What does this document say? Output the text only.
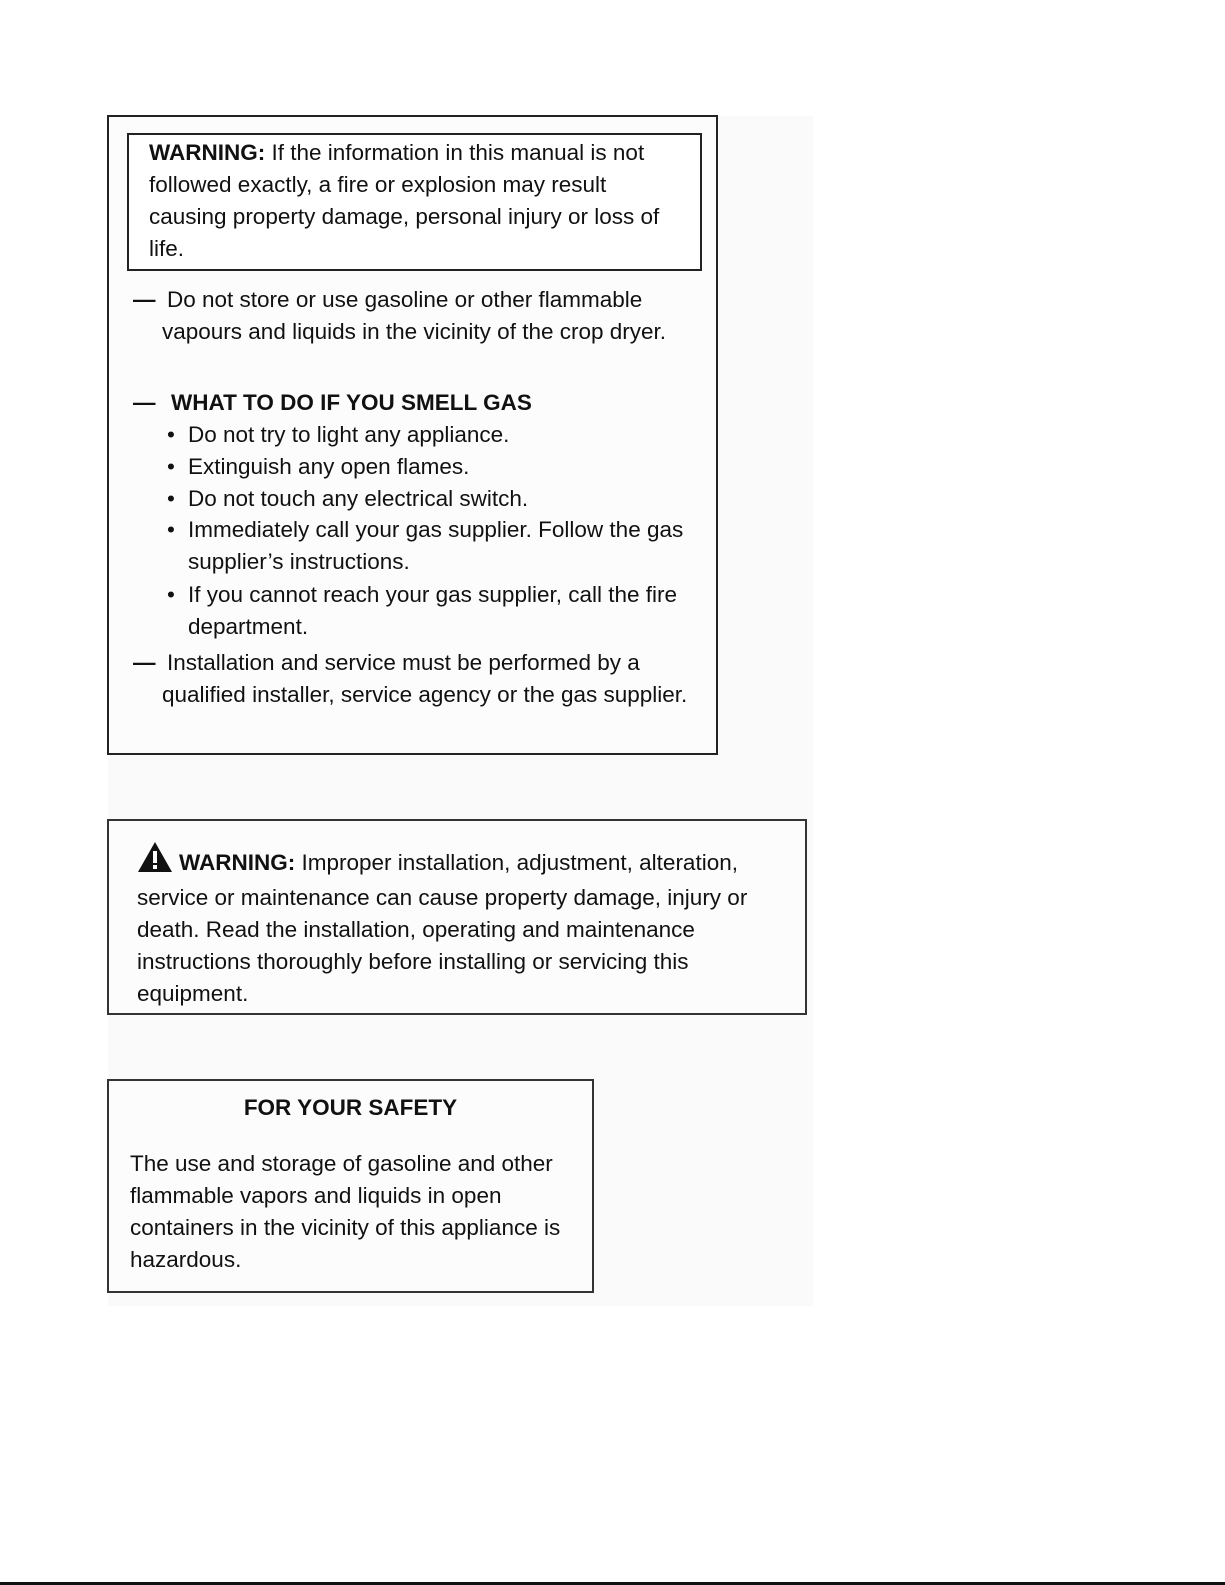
WARNING: If the information in this manual is not followed exactly, a fire or explosion may result causing property damage, personal injury or loss of life.
— Do not store or use gasoline or other flammable vapours and liquids in the vicinity of the crop dryer.
— WHAT TO DO IF YOU SMELL GAS
• Do not try to light any appliance.
• Extinguish any open flames.
• Do not touch any electrical switch.
• Immediately call your gas supplier. Follow the gas supplier’s instructions.
• If you cannot reach your gas supplier, call the fire department.
— Installation and service must be performed by a qualified installer, service agency or the gas supplier.
WARNING: Improper installation, adjustment, alteration, service or maintenance can cause property damage, injury or death. Read the installation, operating and maintenance instructions thoroughly before installing or servicing this equipment.
FOR YOUR SAFETY
The use and storage of gasoline and other flammable vapors and liquids in open containers in the vicinity of this appliance is hazardous.
